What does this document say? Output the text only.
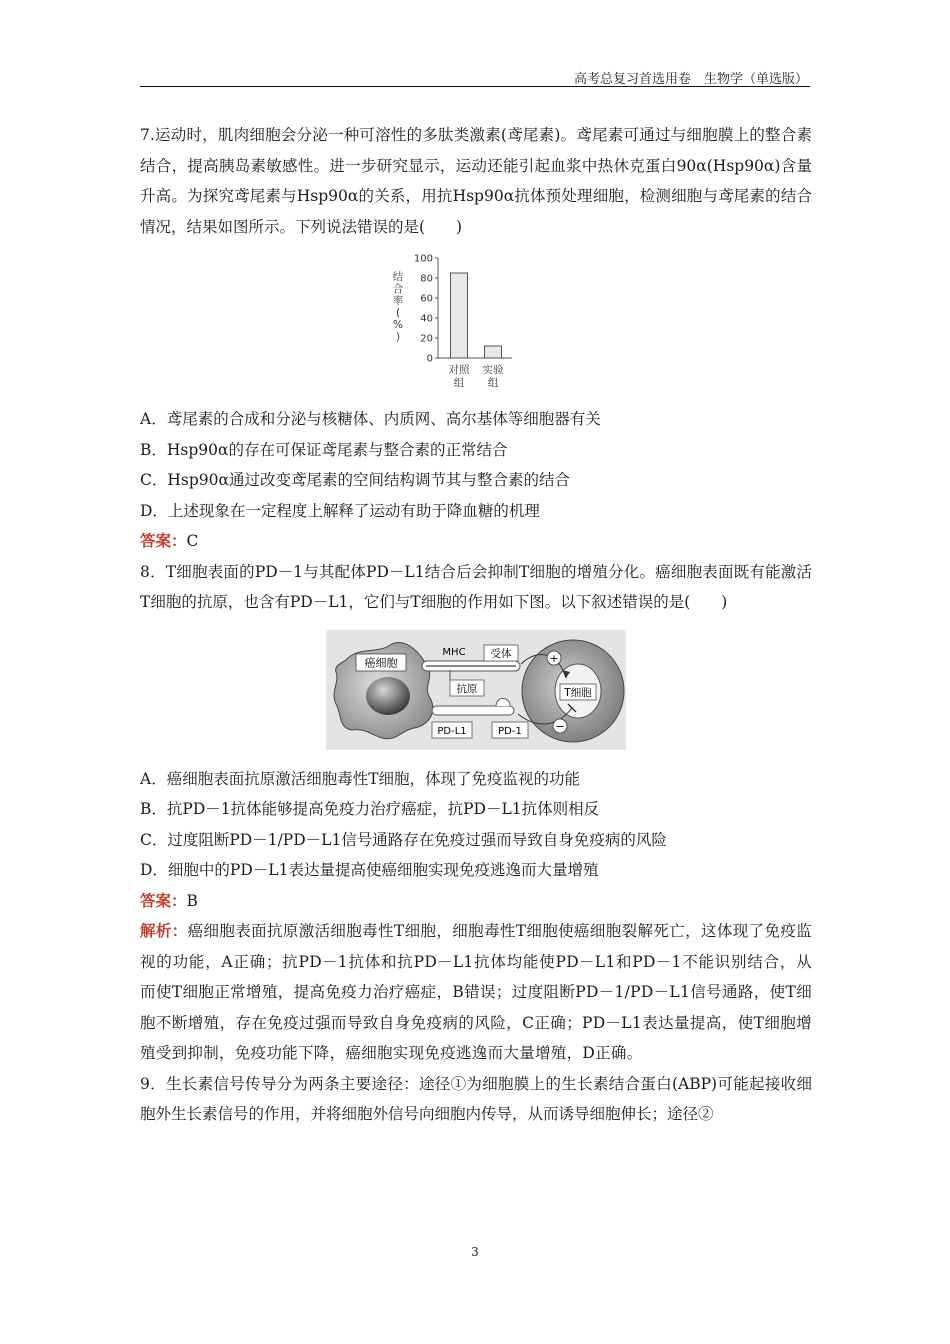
高考总复习首选用卷　生物学（单选版）

7.运动时，肌肉细胞会分泌一种可溶性的多肽类激素(鸢尾素)。鸢尾素可通过与细胞膜上的整合素结合，提高胰岛素敏感性。进一步研究显示，运动还能引起血浆中热休克蛋白90α(Hsp90α)含量升高。为探究鸢尾素与Hsp90α的关系，用抗Hsp90α抗体预处理细胞，检测细胞与鸢尾素的结合情况，结果如图所示。下列说法错误的是(　　)

结
合
率
(
%
)
0
20
40
60
80
100
对照
组
实验
组

A．鸢尾素的合成和分泌与核糖体、内质网、高尔基体等细胞器有关

B．Hsp90α的存在可保证鸢尾素与整合素的正常结合

C．Hsp90α通过改变鸢尾素的空间结构调节其与整合素的结合

D．上述现象在一定程度上解释了运动有助于降血糖的机理

答案：C

8．T细胞表面的PD－1与其配体PD－L1结合后会抑制T细胞的增殖分化。癌细胞表面既有能激活T细胞的抗原，也含有PD－L1，它们与T细胞的作用如下图。以下叙述错误的是(　　)

癌细胞
T细胞
MHC 受体
抗原
+
PD-L1	PD-1	−

A．癌细胞表面抗原激活细胞毒性T细胞，体现了免疫监视的功能

B．抗PD－1抗体能够提高免疫力治疗癌症，抗PD－L1抗体则相反

C．过度阻断PD－1/PD－L1信号通路存在免疫过强而导致自身免疫病的风险

D．细胞中的PD－L1表达量提高使癌细胞实现免疫逃逸而大量增殖

答案：B

解析：癌细胞表面抗原激活细胞毒性T细胞，细胞毒性T细胞使癌细胞裂解死亡，这体现了免疫监视的功能，A正确；抗PD－1抗体和抗PD－L1抗体均能使PD－L1和PD－1不能识别结合，从而使T细胞正常增殖，提高免疫力治疗癌症，B错误；过度阻断PD－1/PD－L1信号通路，使T细胞不断增殖，存在免疫过强而导致自身免疫病的风险，C正确；PD－L1表达量提高，使T细胞增殖受到抑制，免疫功能下降，癌细胞实现免疫逃逸而大量增殖，D正确。

9．生长素信号传导分为两条主要途径：途径①为细胞膜上的生长素结合蛋白(ABP)可能起接收细胞外生长素信号的作用，并将细胞外信号向细胞内传导，从而诱导细胞伸长；途径②

3
